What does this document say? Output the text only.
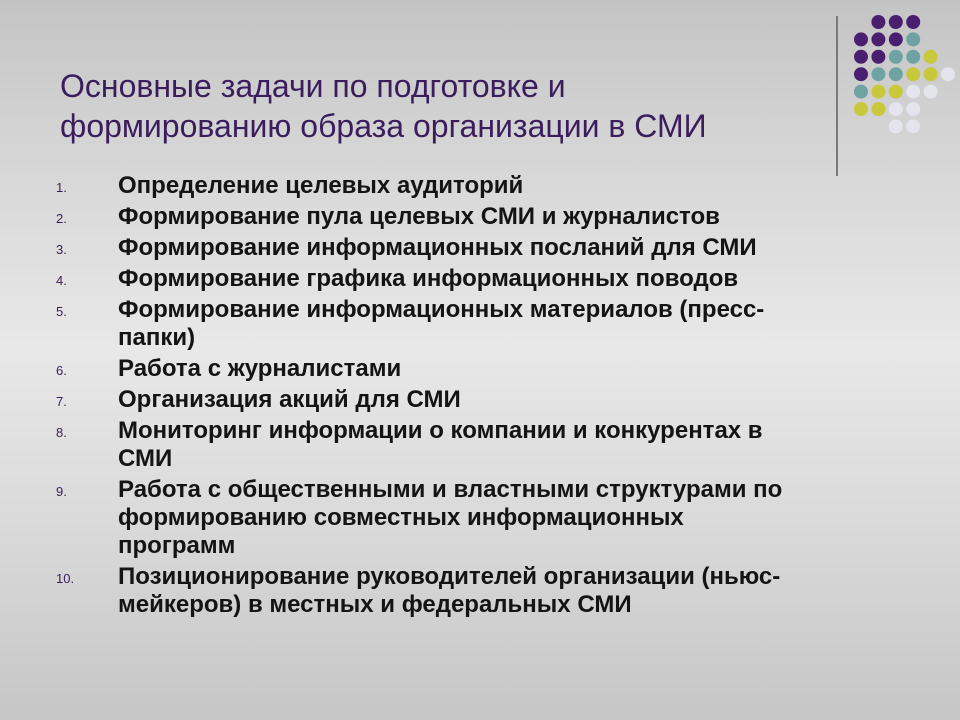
Основные задачи по подготовке и
формированию образа организации в СМИ
1. Определение целевых аудиторий
2. Формирование пула целевых СМИ и журналистов
3. Формирование информационных посланий для СМИ
4. Формирование графика информационных поводов
5. Формирование информационных материалов (пресс-
папки)
6. Работа с журналистами
7. Организация акций для СМИ
8. Мониторинг информации о компании и конкурентах в
СМИ
9. Работа с общественными и властными структурами по
формированию совместных информационных
программ
10. Позиционирование руководителей организации (ньюс-
мейкеров) в местных и федеральных СМИ
